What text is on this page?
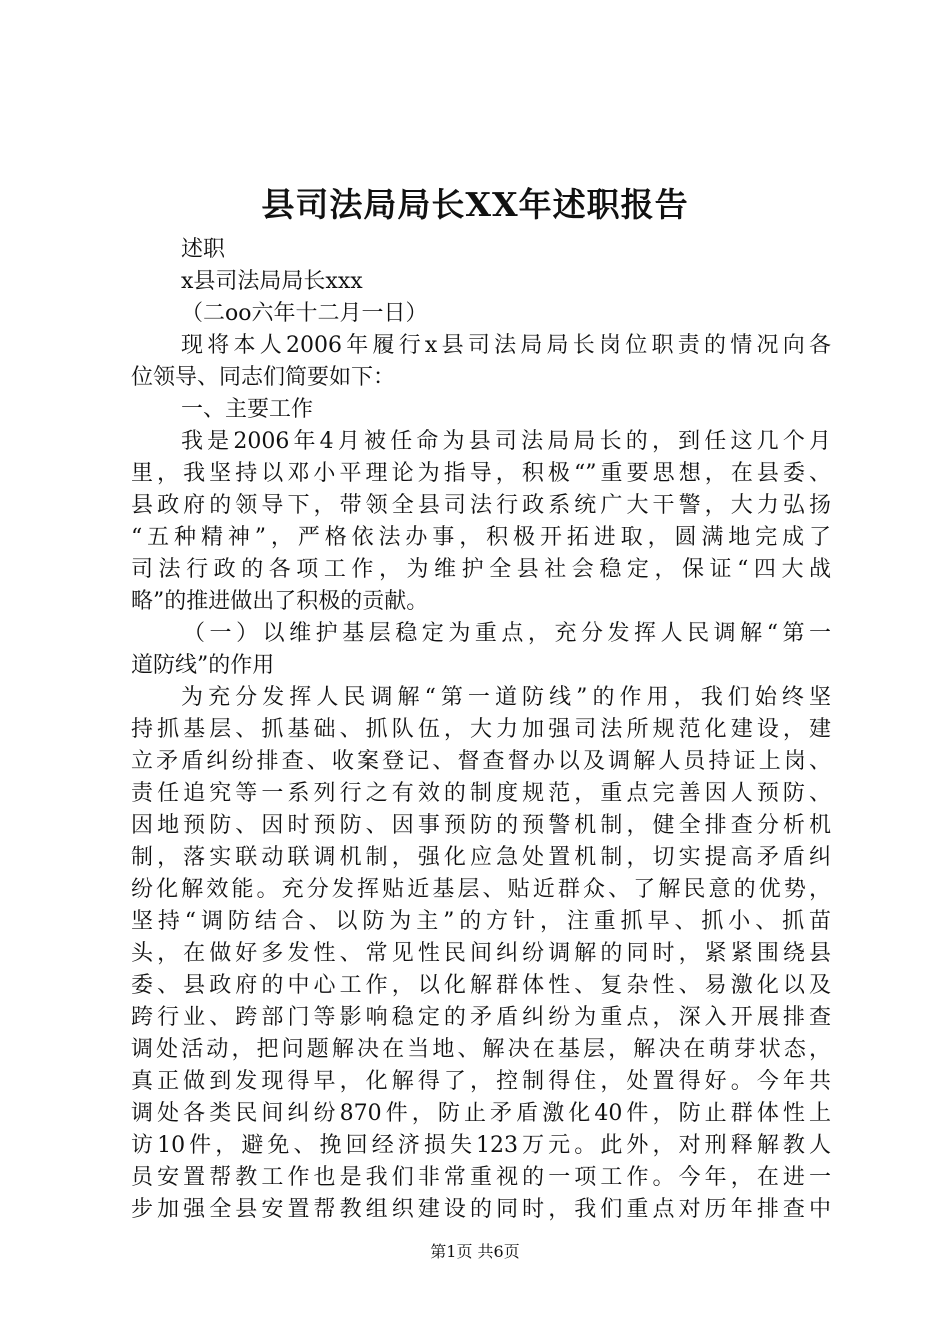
县司法局局长XX年述职报告
述职
x县司法局局长xxx
（二oo六年十二月一日）
现将本人2006年履行x县司法局局长岗位职责的情况向各
位领导、同志们简要如下：
一、主要工作
我是2006年4月被任命为县司法局局长的，到任这几个月
里，我坚持以邓小平理论为指导，积极“”重要思想，在县委、
县政府的领导下，带领全县司法行政系统广大干警，大力弘扬
“五种精神”，严格依法办事，积极开拓进取，圆满地完成了
司法行政的各项工作，为维护全县社会稳定，保证“四大战
略”的推进做出了积极的贡献。
（一）以维护基层稳定为重点，充分发挥人民调解“第一
道防线”的作用
为充分发挥人民调解“第一道防线”的作用，我们始终坚
持抓基层、抓基础、抓队伍，大力加强司法所规范化建设，建
立矛盾纠纷排查、收案登记、督查督办以及调解人员持证上岗、
责任追究等一系列行之有效的制度规范，重点完善因人预防、
因地预防、因时预防、因事预防的预警机制，健全排查分析机
制，落实联动联调机制，强化应急处置机制，切实提高矛盾纠
纷化解效能。充分发挥贴近基层、贴近群众、了解民意的优势，
坚持“调防结合、以防为主”的方针，注重抓早、抓小、抓苗
头，在做好多发性、常见性民间纠纷调解的同时，紧紧围绕县
委、县政府的中心工作，以化解群体性、复杂性、易激化以及
跨行业、跨部门等影响稳定的矛盾纠纷为重点，深入开展排查
调处活动，把问题解决在当地、解决在基层，解决在萌芽状态，
真正做到发现得早，化解得了，控制得住，处置得好。今年共
调处各类民间纠纷870件，防止矛盾激化40件，防止群体性上
访10件，避免、挽回经济损失123万元。此外，对刑释解教人
员安置帮教工作也是我们非常重视的一项工作。今年，在进一
步加强全县安置帮教组织建设的同时，我们重点对历年排查中
第1页 共6页
